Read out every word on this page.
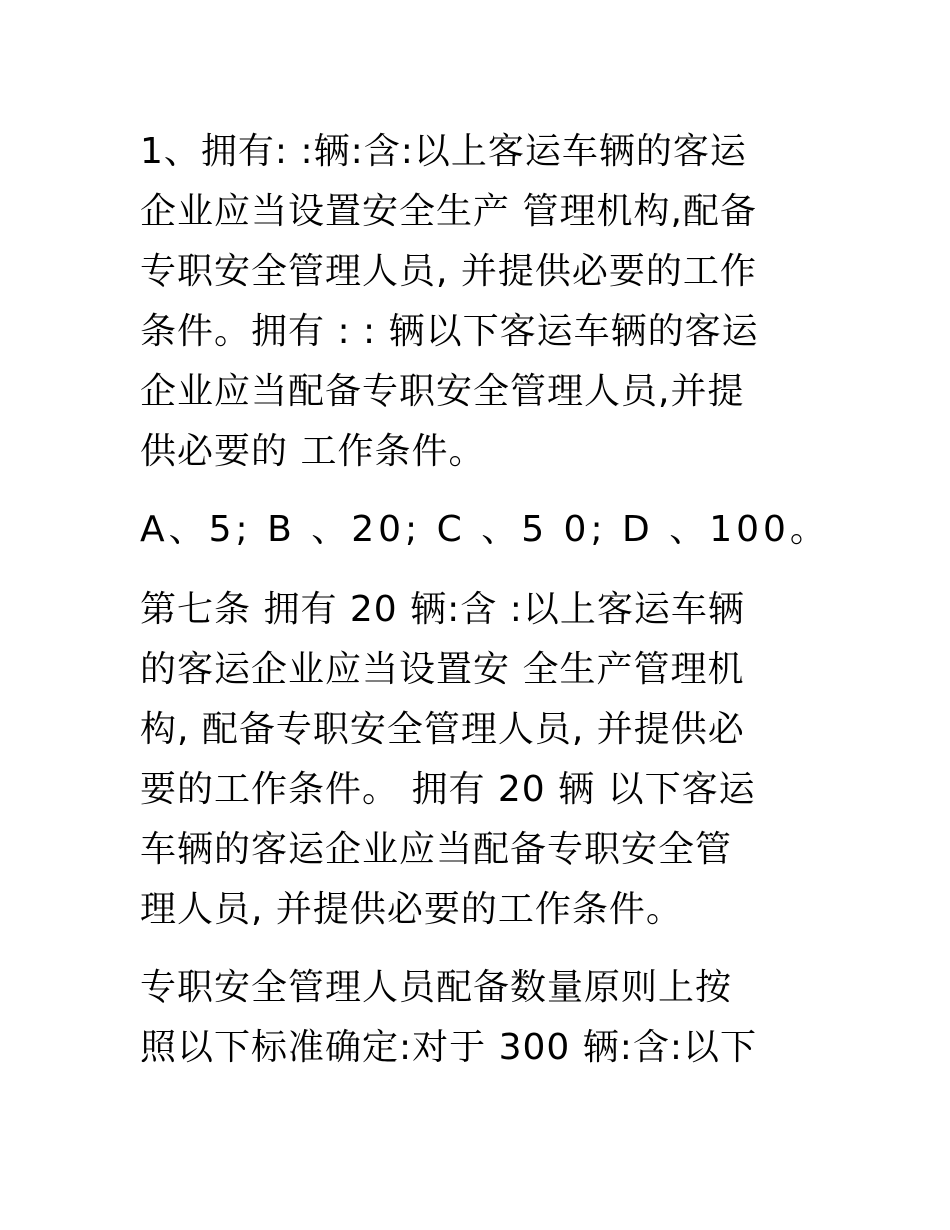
1、拥有: :辆:含:以上客运车辆的客运
企业应当设置安全生产 管理机构,配备
专职安全管理人员, 并提供必要的工作
条件。拥有 : : 辆以下客运车辆的客运
企业应当配备专职安全管理人员,并提
供必要的 工作条件。
A、5; B 、20; C 、5 0; D 、100。
第七条 拥有 20 辆:含 :以上客运车辆
的客运企业应当设置安 全生产管理机
构, 配备专职安全管理人员, 并提供必
要的工作条件。 拥有 20 辆 以下客运
车辆的客运企业应当配备专职安全管
理人员, 并提供必要的工作条件。
专职安全管理人员配备数量原则上按
照以下标准确定:对于 300 辆:含:以下
